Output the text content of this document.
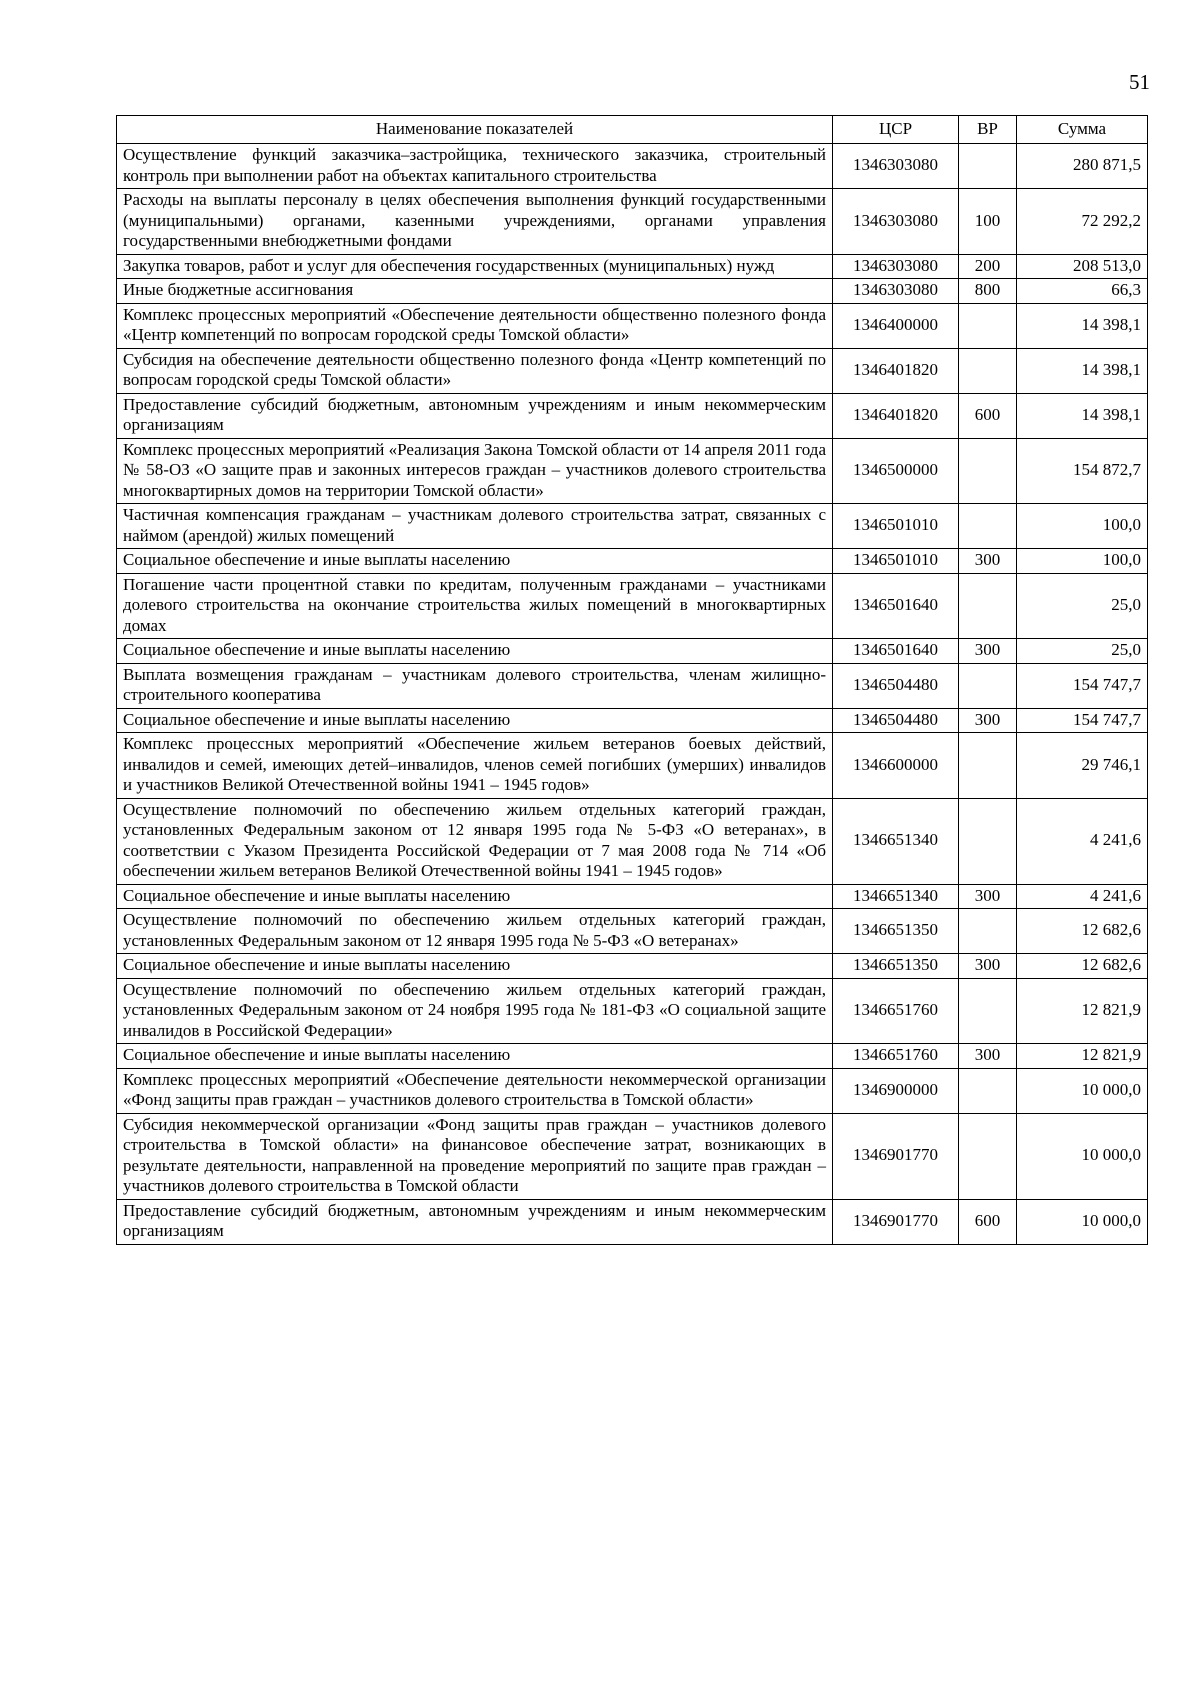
51
Наименование показателей	ЦСР	ВР	Сумма
Осуществление функций заказчика–застройщика, технического заказчика, строительный контроль при выполнении работ на объектах капитального строительства	1346303080		280 871,5
Расходы на выплаты персоналу в целях обеспечения выполнения функций государственными (муниципальными) органами, казенными учреждениями, органами управления государственными внебюджетными фондами	1346303080	100	72 292,2
Закупка товаров, работ и услуг для обеспечения государственных (муниципальных) нужд	1346303080	200	208 513,0
Иные бюджетные ассигнования	1346303080	800	66,3
Комплекс процессных мероприятий «Обеспечение деятельности общественно полезного фонда «Центр компетенций по вопросам городской среды Томской области»	1346400000		14 398,1
Субсидия на обеспечение деятельности общественно полезного фонда «Центр компетенций по вопросам городской среды Томской области»	1346401820		14 398,1
Предоставление субсидий бюджетным, автономным учреждениям и иным некоммерческим организациям	1346401820	600	14 398,1
Комплекс процессных мероприятий «Реализация Закона Томской области от 14 апреля 2011 года № 58-ОЗ «О защите прав и законных интересов граждан – участников долевого строительства многоквартирных домов на территории Томской области»	1346500000		154 872,7
Частичная компенсация гражданам – участникам долевого строительства затрат, связанных с наймом (арендой) жилых помещений	1346501010		100,0
Социальное обеспечение и иные выплаты населению	1346501010	300	100,0
Погашение части процентной ставки по кредитам, полученным гражданами – участниками долевого строительства на окончание строительства жилых помещений в многоквартирных домах	1346501640		25,0
Социальное обеспечение и иные выплаты населению	1346501640	300	25,0
Выплата возмещения гражданам – участникам долевого строительства, членам жилищно-строительного кооператива	1346504480		154 747,7
Социальное обеспечение и иные выплаты населению	1346504480	300	154 747,7
Комплекс процессных мероприятий «Обеспечение жильем ветеранов боевых действий, инвалидов и семей, имеющих детей–инвалидов, членов семей погибших (умерших) инвалидов и участников Великой Отечественной войны 1941 – 1945 годов»	1346600000		29 746,1
Осуществление полномочий по обеспечению жильем отдельных категорий граждан, установленных Федеральным законом от 12 января 1995 года № 5-ФЗ «О ветеранах», в соответствии с Указом Президента Российской Федерации от 7 мая 2008 года № 714 «Об обеспечении жильем ветеранов Великой Отечественной войны 1941 – 1945 годов»	1346651340		4 241,6
Социальное обеспечение и иные выплаты населению	1346651340	300	4 241,6
Осуществление полномочий по обеспечению жильем отдельных категорий граждан, установленных Федеральным законом от 12 января 1995 года № 5-ФЗ «О ветеранах»	1346651350		12 682,6
Социальное обеспечение и иные выплаты населению	1346651350	300	12 682,6
Осуществление полномочий по обеспечению жильем отдельных категорий граждан, установленных Федеральным законом от 24 ноября 1995 года № 181-ФЗ «О социальной защите инвалидов в Российской Федерации»	1346651760		12 821,9
Социальное обеспечение и иные выплаты населению	1346651760	300	12 821,9
Комплекс процессных мероприятий «Обеспечение деятельности некоммерческой организации «Фонд защиты прав граждан – участников долевого строительства в Томской области»	1346900000		10 000,0
Субсидия некоммерческой организации «Фонд защиты прав граждан – участников долевого строительства в Томской области» на финансовое обеспечение затрат, возникающих в результате деятельности, направленной на проведение мероприятий по защите прав граждан – участников долевого строительства в Томской области	1346901770		10 000,0
Предоставление субсидий бюджетным, автономным учреждениям и иным некоммерческим организациям	1346901770	600	10 000,0
